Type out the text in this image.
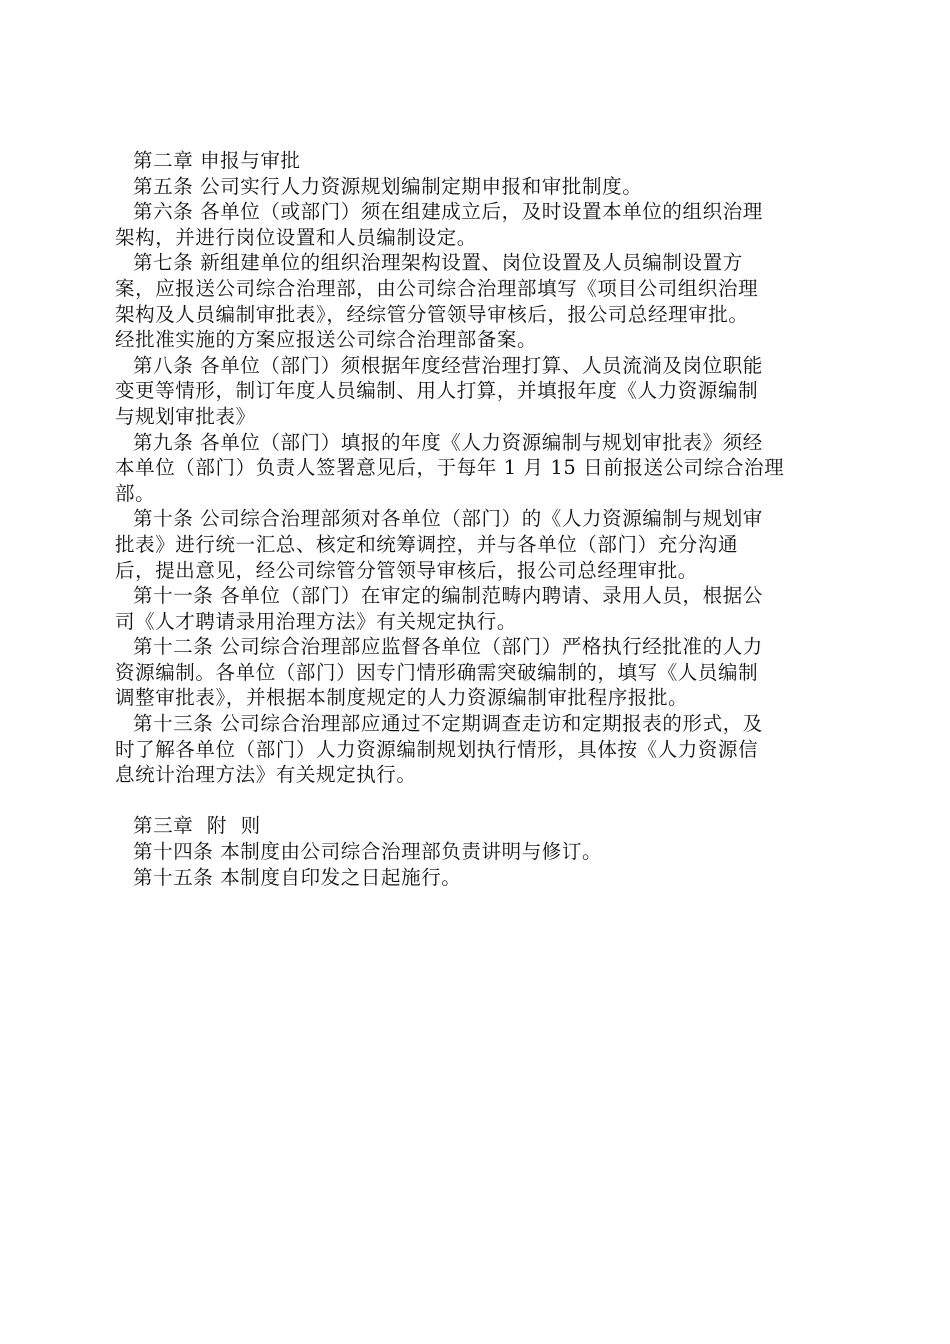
第二章 申报与审批
第五条 公司实行人力资源规划编制定期申报和审批制度。
第六条 各单位（或部门）须在组建成立后，及时设置本单位的组织治理
架构，并进行岗位设置和人员编制设定。
第七条 新组建单位的组织治理架构设置、岗位设置及人员编制设置方
案，应报送公司综合治理部，由公司综合治理部填写《项目公司组织治理
架构及人员编制审批表》，经综管分管领导审核后，报公司总经理审批。
经批准实施的方案应报送公司综合治理部备案。
第八条 各单位（部门）须根据年度经营治理打算、人员流淌及岗位职能
变更等情形，制订年度人员编制、用人打算，并填报年度《人力资源编制
与规划审批表》
第九条 各单位（部门）填报的年度《人力资源编制与规划审批表》须经
本单位（部门）负责人签署意见后，于每年 1 月 15 日前报送公司综合治理
部。
第十条 公司综合治理部须对各单位（部门）的《人力资源编制与规划审
批表》进行统一汇总、核定和统筹调控，并与各单位（部门）充分沟通
后，提出意见，经公司综管分管领导审核后，报公司总经理审批。
第十一条 各单位（部门）在审定的编制范畴内聘请、录用人员，根据公
司《人才聘请录用治理方法》有关规定执行。
第十二条 公司综合治理部应监督各单位（部门）严格执行经批准的人力
资源编制。各单位（部门）因专门情形确需突破编制的，填写《人员编制
调整审批表》，并根据本制度规定的人力资源编制审批程序报批。
第十三条 公司综合治理部应通过不定期调查走访和定期报表的形式，及
时了解各单位（部门）人力资源编制规划执行情形，具体按《人力资源信
息统计治理方法》有关规定执行。
第三章  附  则
第十四条 本制度由公司综合治理部负责讲明与修订。
第十五条 本制度自印发之日起施行。
